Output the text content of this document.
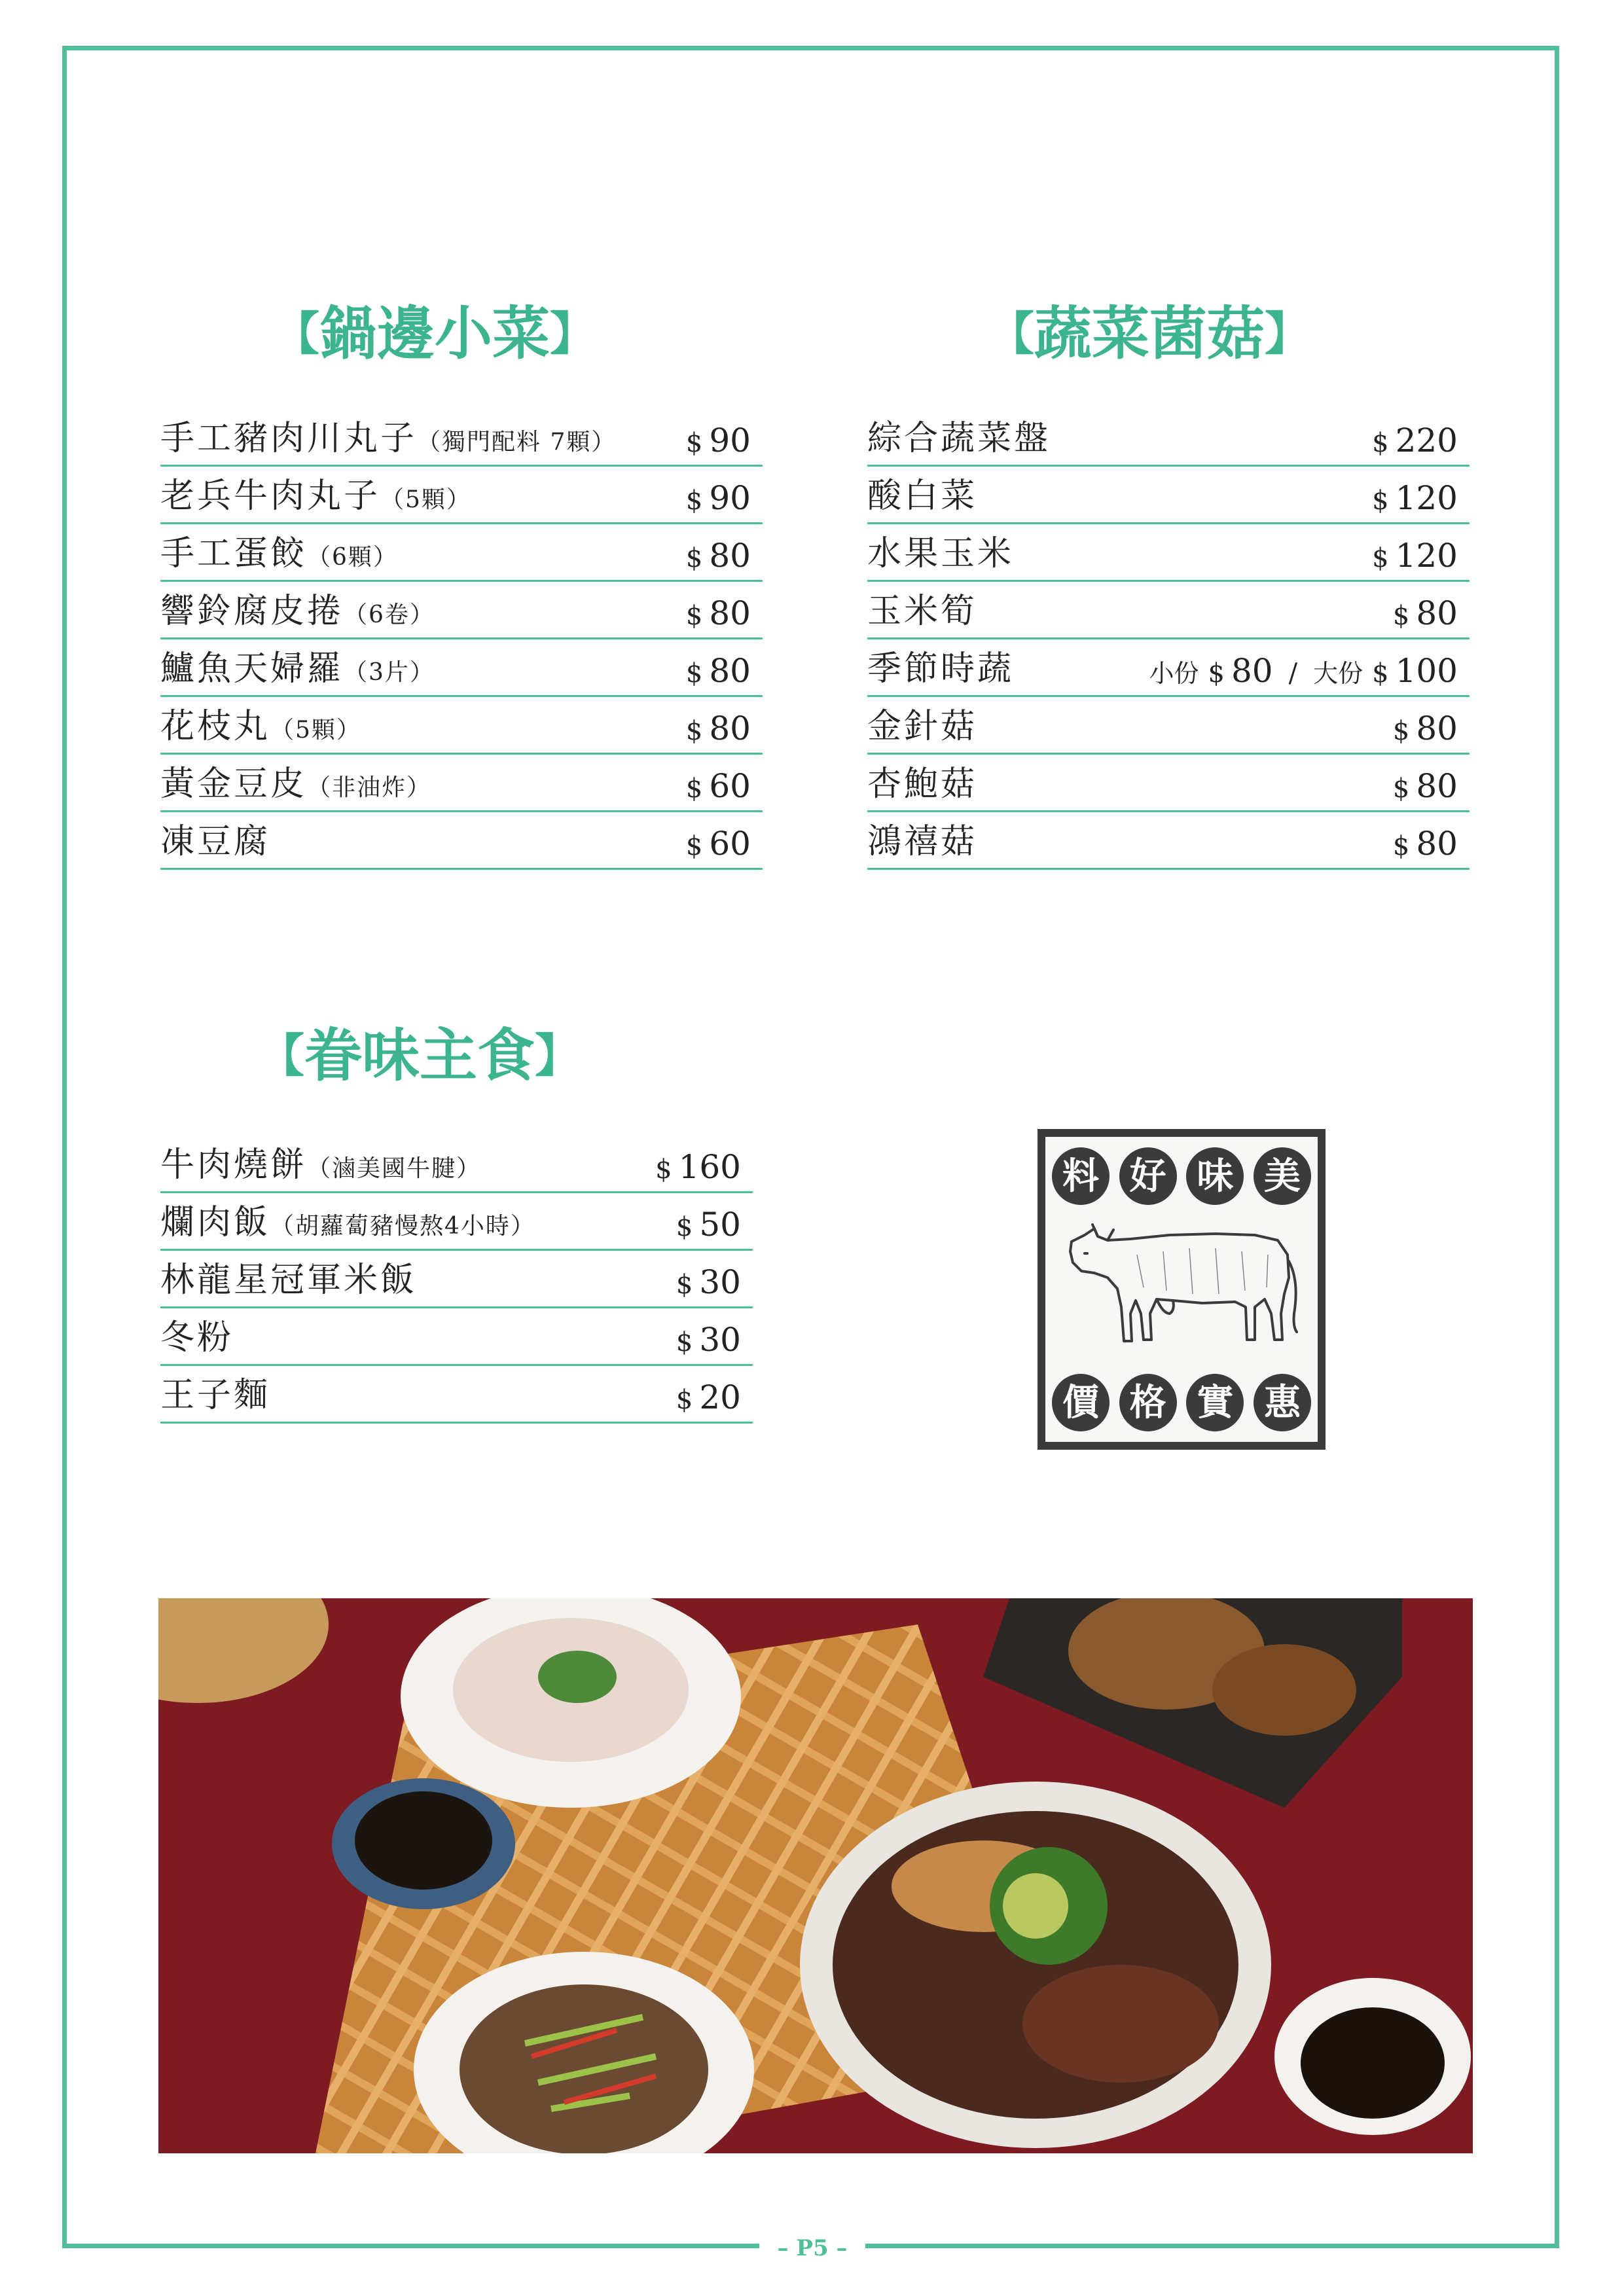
【鍋邊小菜】	【蔬菜菌菇】
【眷味主食】
手工豬肉川丸子（獨門配料 7顆）	$ 90
老兵牛肉丸子（5顆）	$ 90
手工蛋餃（6顆）	$ 80
響鈴腐皮捲（6卷）	$ 80
鱸魚天婦羅（3片）	$ 80
花枝丸（5顆）	$ 80
黃金豆皮（非油炸）	$ 60
凍豆腐	$ 60
綜合蔬菜盤	$ 220
酸白菜	$ 120
水果玉米	$ 120
玉米筍	$ 80
季節時蔬	小份 $ 80 / 大份 $ 100
金針菇	$ 80
杏鮑菇	$ 80
鴻禧菇	$ 80
牛肉燒餅（滷美國牛腱）	$ 160
爛肉飯（胡蘿蔔豬慢熬4小時）	$ 50
林龍星冠軍米飯	$ 30
冬粉	$ 30
王子麵	$ 20
料 好 味 美
價 格 實 惠
– P5 –
